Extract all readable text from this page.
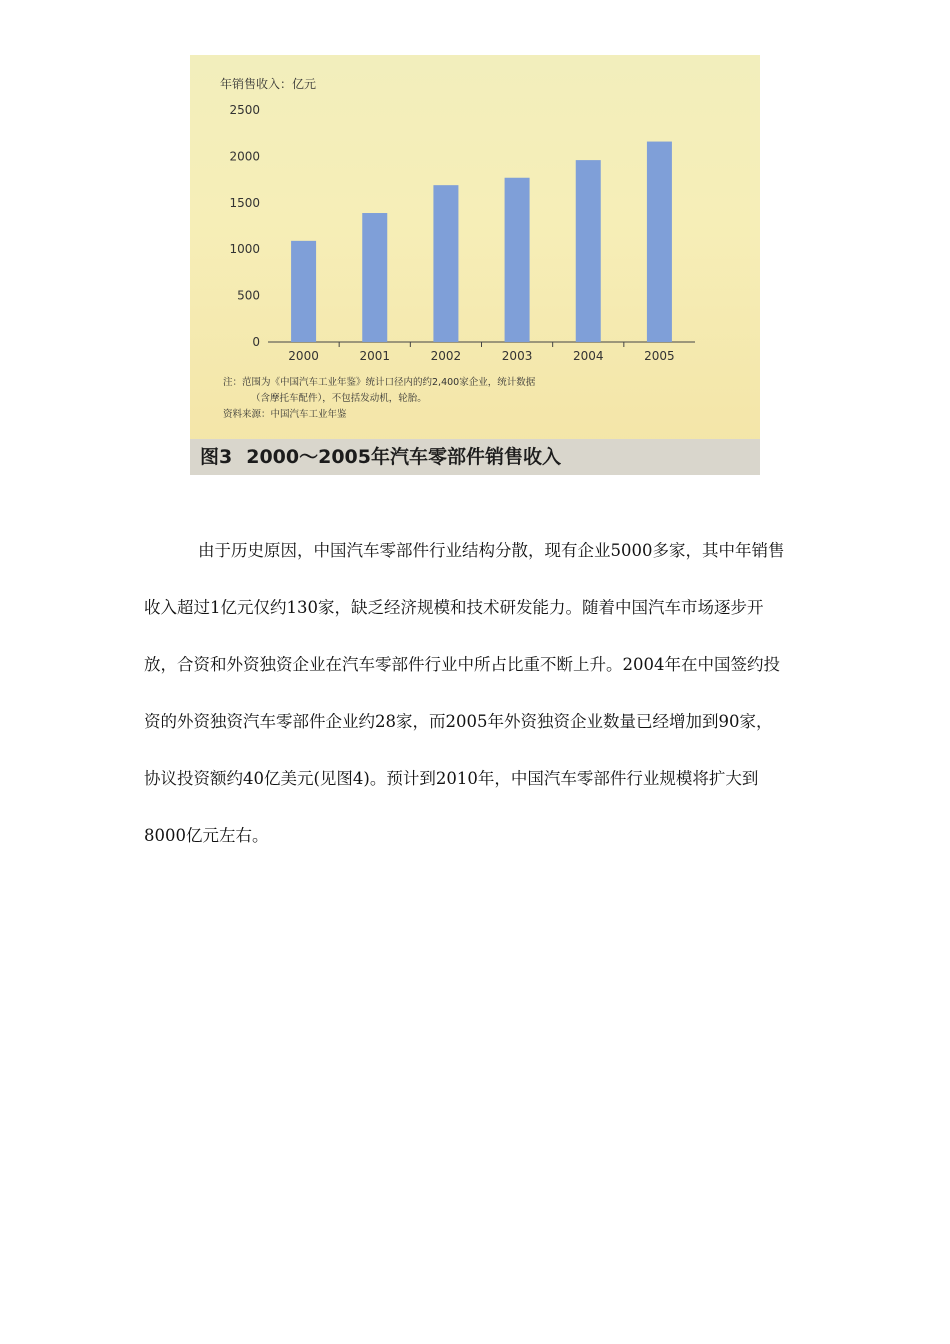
年销售收入：亿元
0
500
1000
1500
2000
2500
2000	2001	2002	2003	2004	2005
注：范围为《中国汽车工业年鉴》统计口径内的约2,400家企业，统计数据
（含摩托车配件），不包括发动机，轮胎。
资料来源：中国汽车工业年鉴
图3 2000～2005年汽车零部件销售收入
由于历史原因，中国汽车零部件行业结构分散，现有企业5000多家，其中年销售
收入超过1亿元仅约130家，缺乏经济规模和技术研发能力。随着中国汽车市场逐步开
放，合资和外资独资企业在汽车零部件行业中所占比重不断上升。2004年在中国签约投
资的外资独资汽车零部件企业约28家，而2005年外资独资企业数量已经增加到90家，
协议投资额约40亿美元(见图4)。预计到2010年，中国汽车零部件行业规模将扩大到
8000亿元左右。
